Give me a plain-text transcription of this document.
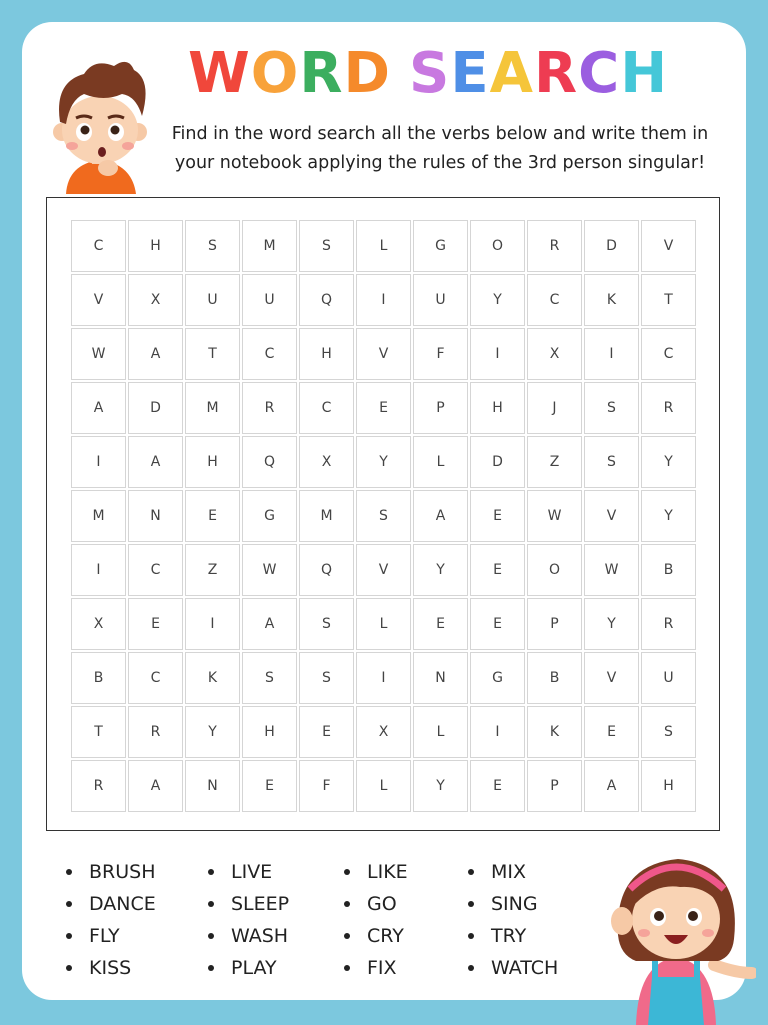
WORD SEARCH
Find in the word search all the verbs below and write them in your notebook applying the rules of the 3rd person singular!
C	H	S	M	S	L	G	O	R	D	V
V	X	U	U	Q	I	U	Y	C	K	T
W	A	T	C	H	V	F	I	X	I	C
A	D	M	R	C	E	P	H	J	S	R
I	A	H	Q	X	Y	L	D	Z	S	Y
M	N	E	G	M	S	A	E	W	V	Y
I	C	Z	W	Q	V	Y	E	O	W	B
X	E	I	A	S	L	E	E	P	Y	R
B	C	K	S	S	I	N	G	B	V	U
T	R	Y	H	E	X	L	I	K	E	S
R	A	N	E	F	L	Y	E	P	A	H
BRUSH
DANCE
FLY
KISS
LIVE
SLEEP
WASH
PLAY
LIKE
GO
CRY
FIX
MIX
SING
TRY
WATCH
